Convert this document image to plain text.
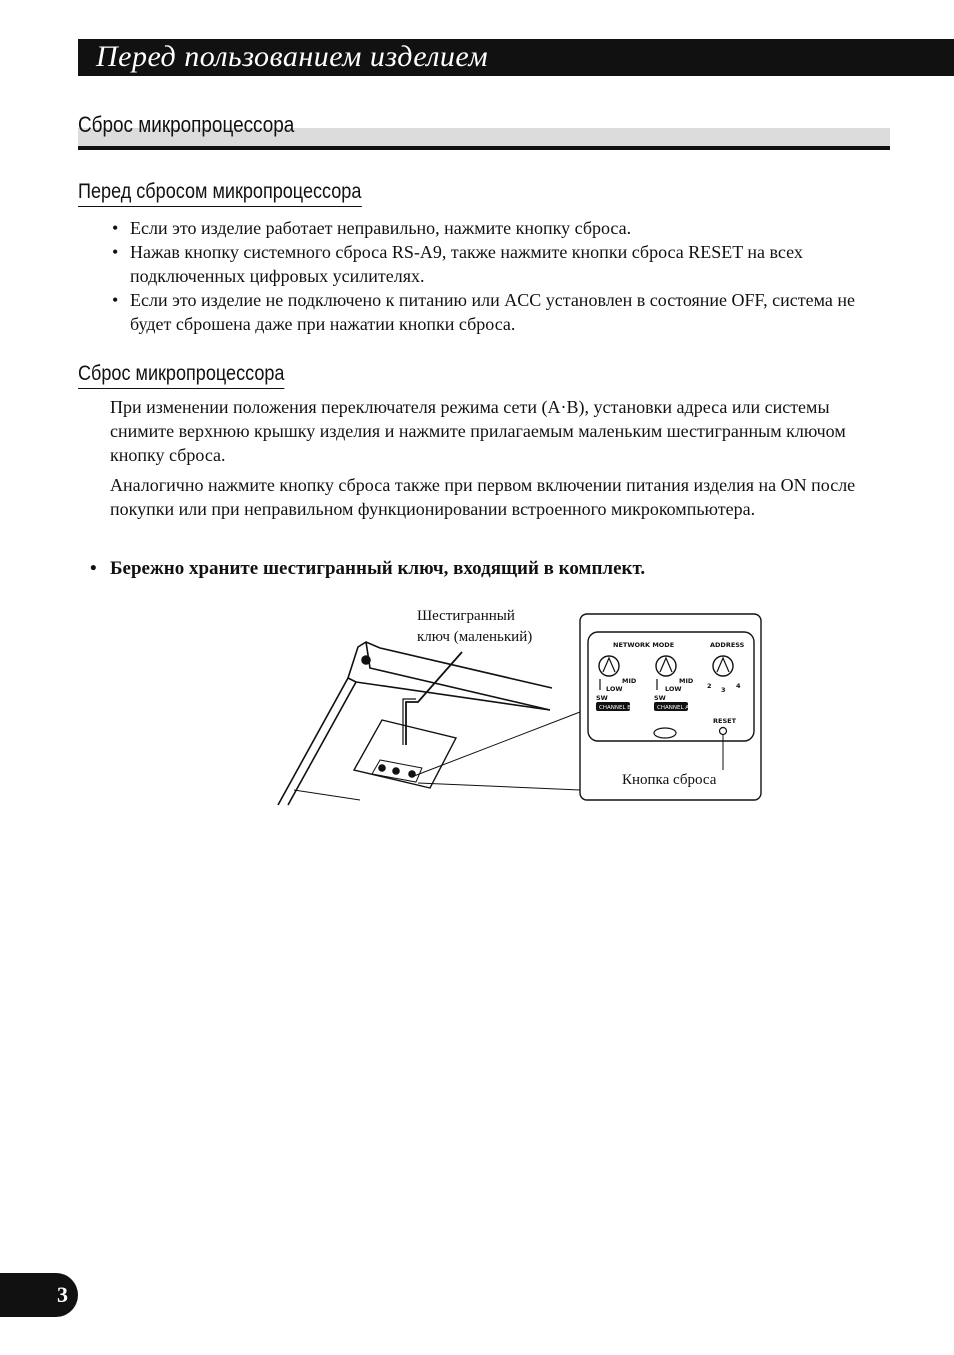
Перед пользованием изделием
Сброс микропроцессора
Перед сбросом микропроцессора
• Если это изделие работает неправильно, нажмите кнопку сброса.
• Нажав кнопку системного сброса RS-A9, также нажмите кнопки сброса RESET на всех подключенных цифровых усилителях.
• Если это изделие не подключено к питанию или ACC установлен в состояние OFF, система не будет сброшена даже при нажатии кнопки сброса.
Сброс микропроцессора

При изменении положения переключателя режима сети (A·B), установки адреса или системы снимите верхнюю крышку изделия и нажмите прилагаемым маленьким шестигранным ключом кнопку сброса.

Аналогично нажмите кнопку сброса также при первом включении питания изделия на ON после покупки или при неправильном функционировании встроенного микрокомпьютера.

• Бережно храните шестигранный ключ, входящий в комплект.
Шестигранный
ключ (маленький)	NETWORK MODE	ADDRESS
MID
LOW
SW
MID
LOW
SW
2 3 4
RESET
CHANNEL B	CHANNEL A
Кнопка сброса
3
